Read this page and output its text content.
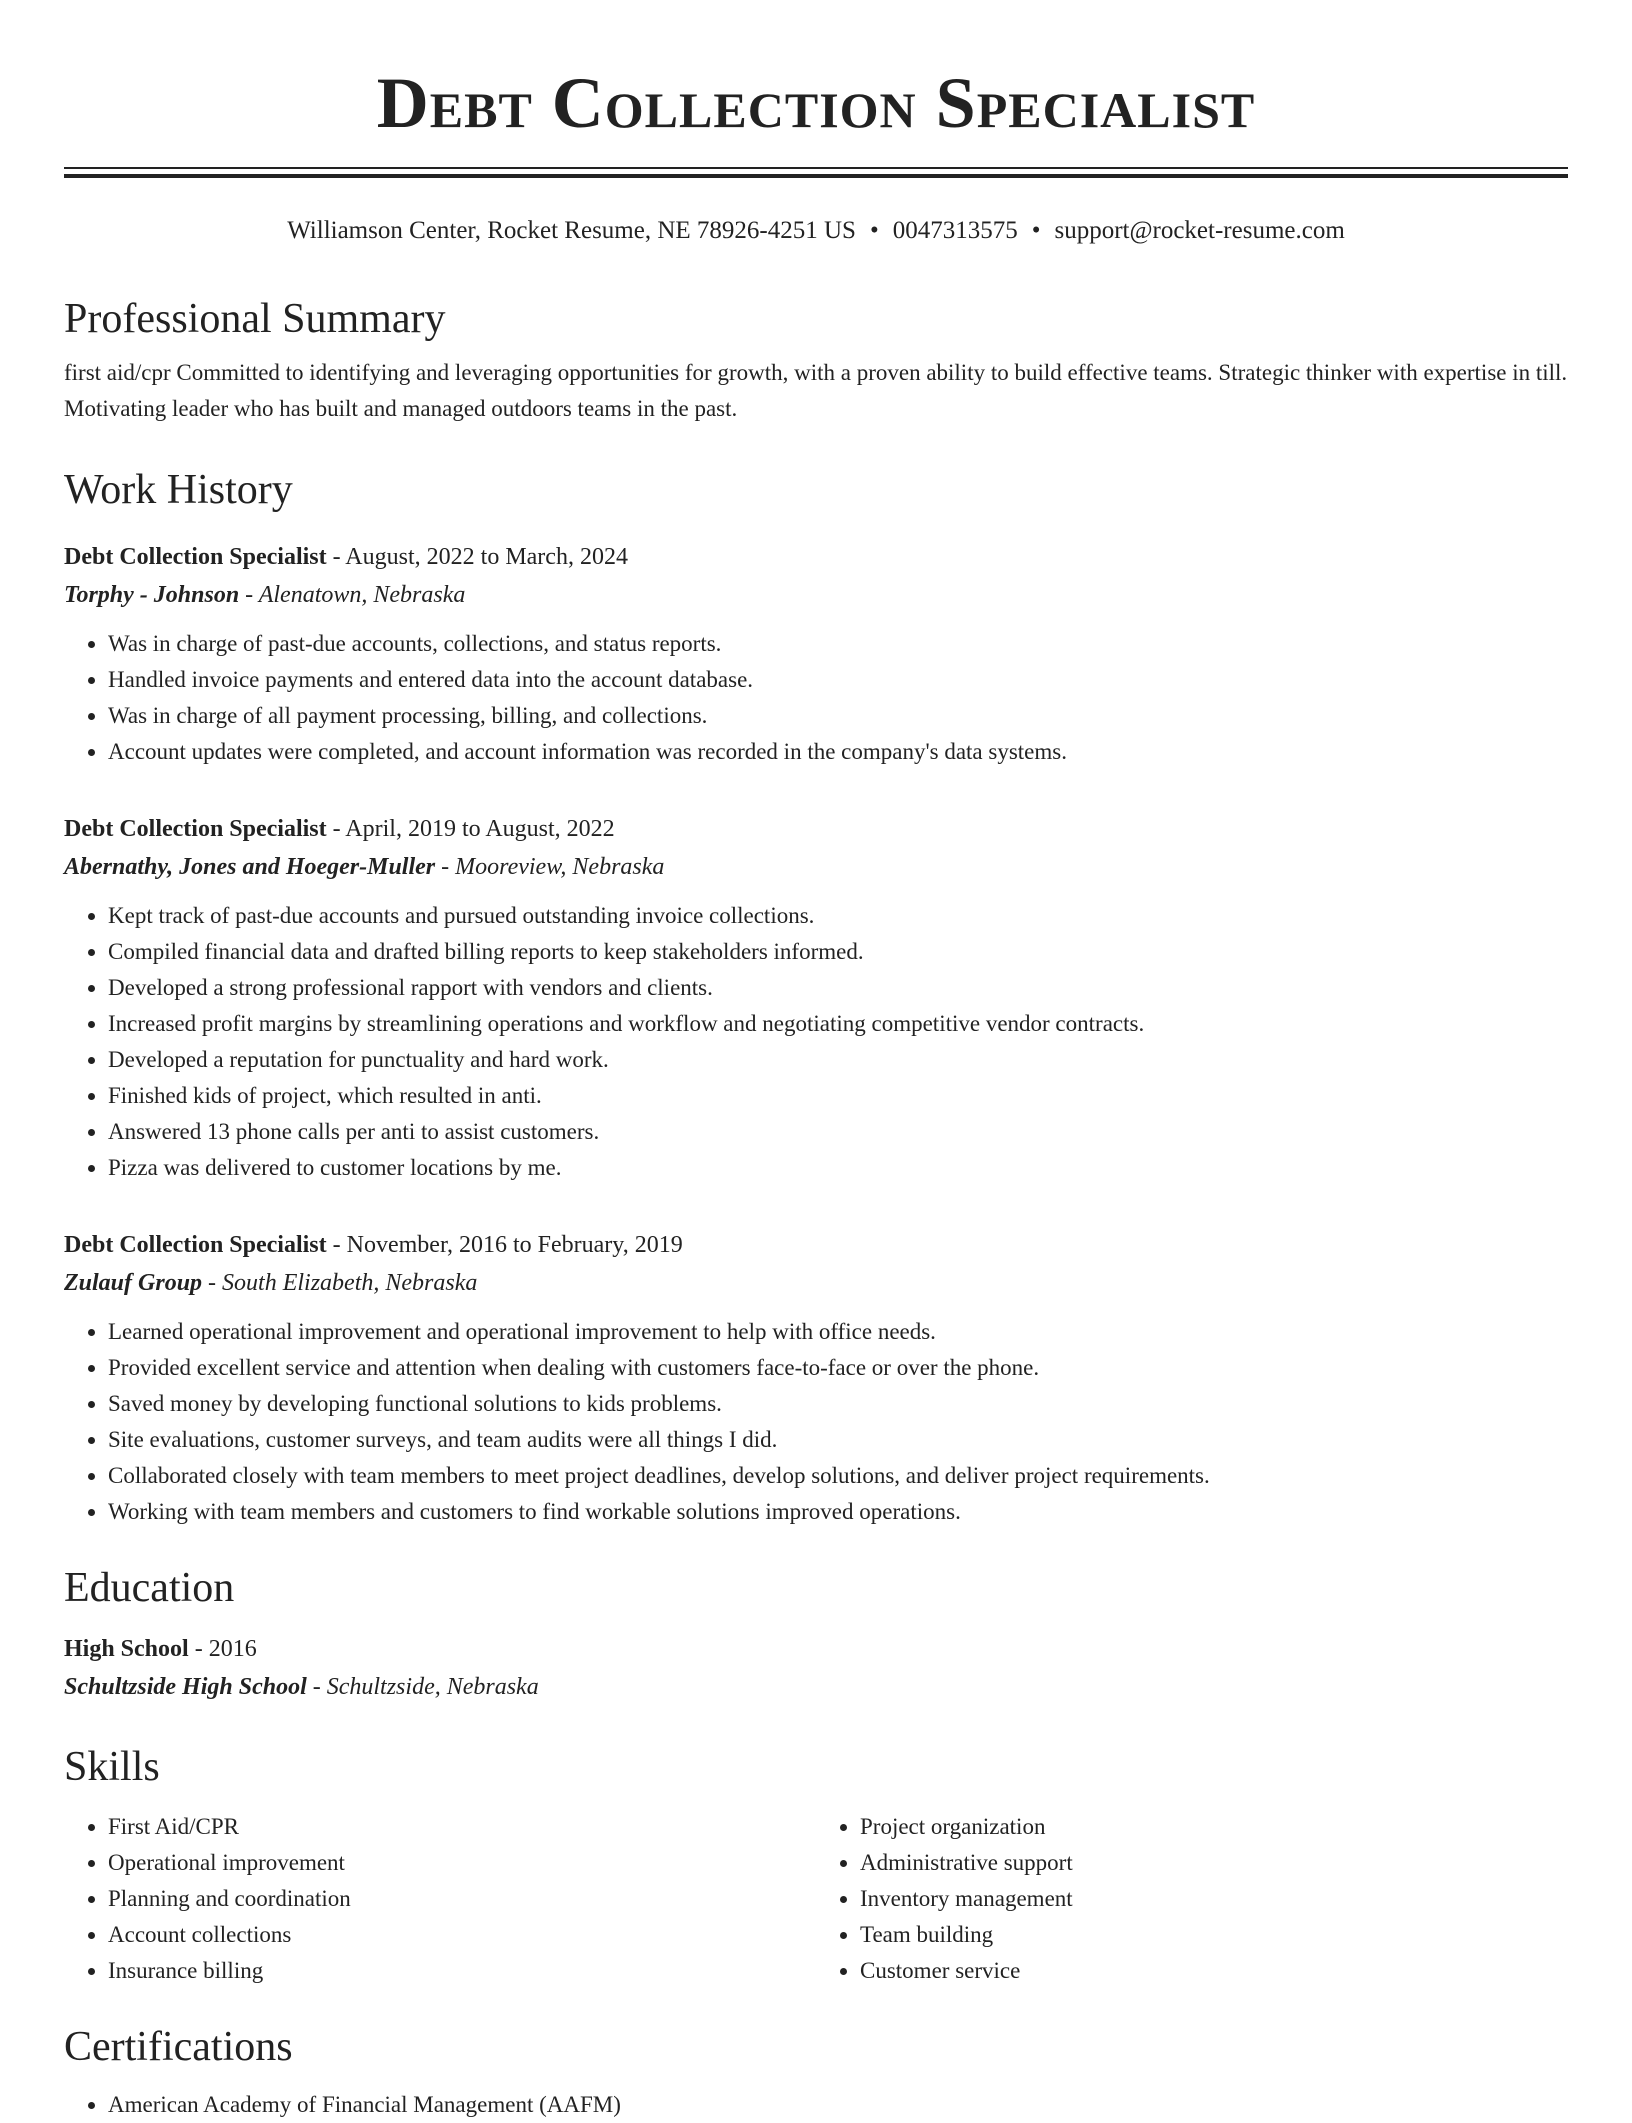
Debt Collection Specialist
Williamson Center, Rocket Resume, NE 78926-4251 US • 0047313575 • support@rocket-resume.com
Professional Summary

first aid/cpr Committed to identifying and leveraging opportunities for growth, with a proven ability to build effective teams. Strategic thinker with expertise in till. Motivating leader who has built and managed outdoors teams in the past.

Work History

Debt Collection Specialist - August, 2022 to March, 2024

Torphy - Johnson - Alenatown, Nebraska

• Was in charge of past-due accounts, collections, and status reports.
• Handled invoice payments and entered data into the account database.
• Was in charge of all payment processing, billing, and collections.
• Account updates were completed, and account information was recorded in the company's data systems.

Debt Collection Specialist - April, 2019 to August, 2022

Abernathy, Jones and Hoeger-Muller - Mooreview, Nebraska

• Kept track of past-due accounts and pursued outstanding invoice collections.
• Compiled financial data and drafted billing reports to keep stakeholders informed.
• Developed a strong professional rapport with vendors and clients.
• Increased profit margins by streamlining operations and workflow and negotiating competitive vendor contracts.
• Developed a reputation for punctuality and hard work.
• Finished kids of project, which resulted in anti.
• Answered 13 phone calls per anti to assist customers.
• Pizza was delivered to customer locations by me.

Debt Collection Specialist - November, 2016 to February, 2019

Zulauf Group - South Elizabeth, Nebraska

• Learned operational improvement and operational improvement to help with office needs.
• Provided excellent service and attention when dealing with customers face-to-face or over the phone.
• Saved money by developing functional solutions to kids problems.
• Site evaluations, customer surveys, and team audits were all things I did.
• Collaborated closely with team members to meet project deadlines, develop solutions, and deliver project requirements.
• Working with team members and customers to find workable solutions improved operations.
Education

High School - 2016

Schultzside High School - Schultzside, Nebraska

Skills
• First Aid/CPR
• Operational improvement
• Planning and coordination
• Account collections
• Insurance billing
• Project organization
• Administrative support
• Inventory management
• Team building
• Customer service
Certifications
• American Academy of Financial Management (AAFM)
